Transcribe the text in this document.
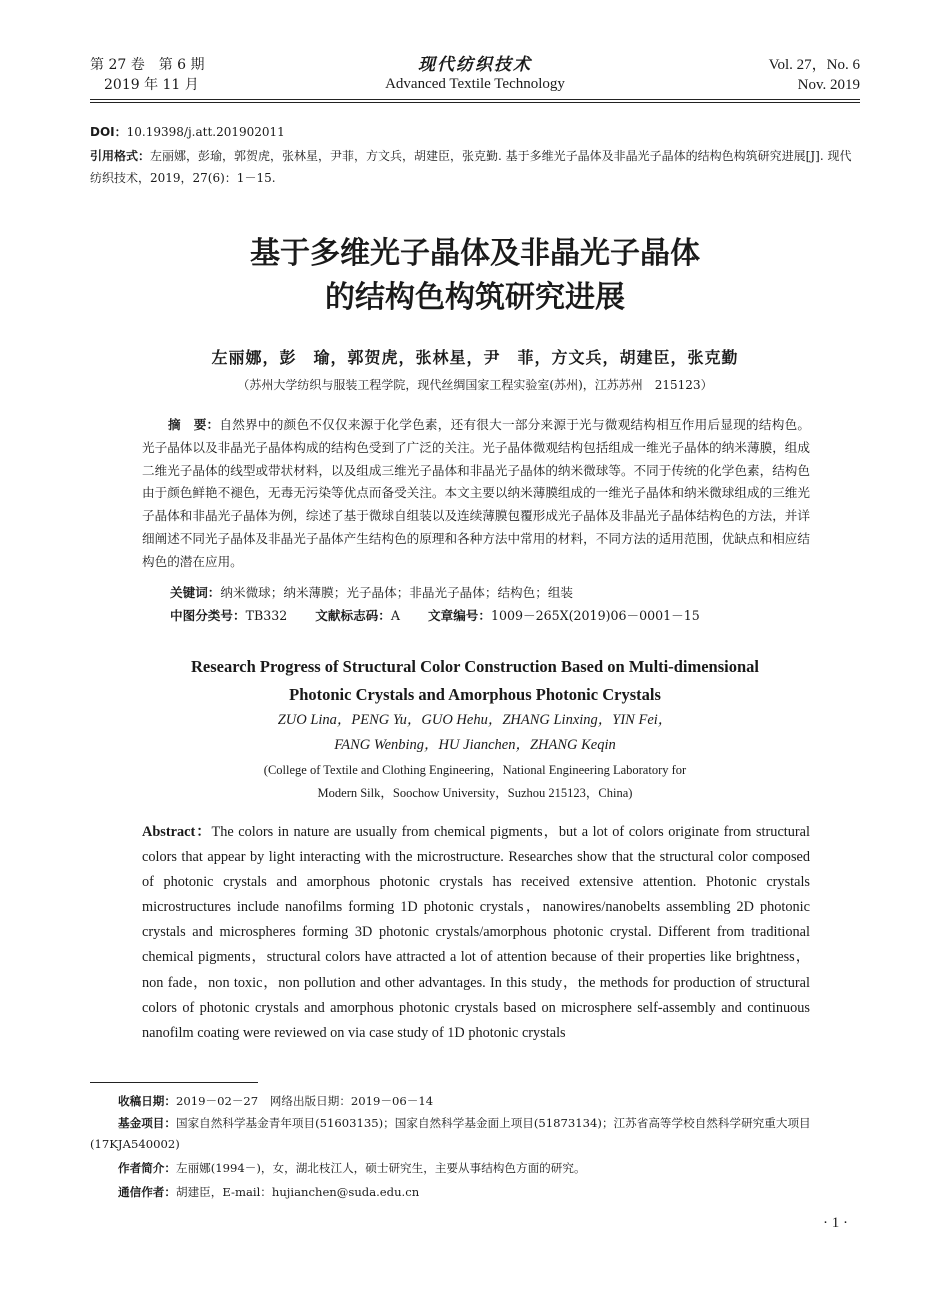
第 27 卷　第 6 期
2019 年 11 月
现代纺织技术
Advanced Textile Technology
Vol. 27，No. 6
Nov. 2019
DOI：10.19398/j.att.201902011
引用格式：左丽娜，彭瑜，郭贺虎，张林星，尹菲，方文兵，胡建臣，张克勤. 基于多维光子晶体及非晶光子晶体的结构色构筑研究进展[J]. 现代
纺织技术，2019，27(6)：1－15.
基于多维光子晶体及非晶光子晶体
的结构色构筑研究进展
左丽娜，彭　瑜，郭贺虎，张林星，尹　菲，方文兵，胡建臣，张克勤
（苏州大学纺织与服装工程学院，现代丝绸国家工程实验室(苏州)，江苏苏州　215123）
摘　要：自然界中的颜色不仅仅来源于化学色素，还有很大一部分来源于光与微观结构相互作用后显现的结构色。光子晶体以及非晶光子晶体构成的结构色受到了广泛的关注。光子晶体微观结构包括组成一维光子晶体的纳米薄膜，组成二维光子晶体的线型或带状材料，以及组成三维光子晶体和非晶光子晶体的纳米微球等。不同于传统的化学色素，结构色由于颜色鲜艳不褪色，无毒无污染等优点而备受关注。本文主要以纳米薄膜组成的一维光子晶体和纳米微球组成的三维光子晶体和非晶光子晶体为例，综述了基于微球自组装以及连续薄膜包覆形成光子晶体及非晶光子晶体结构色的方法，并详细阐述不同光子晶体及非晶光子晶体产生结构色的原理和各种方法中常用的材料，不同方法的适用范围，优缺点和相应结构色的潜在应用。
关键词：纳米微球；纳米薄膜；光子晶体；非晶光子晶体；结构色；组装
中图分类号：TB332 文献标志码：A 文章编号：1009－265X(2019)06－0001－15
Research Progress of Structural Color Construction Based on Multi-dimensional
Photonic Crystals and Amorphous Photonic Crystals
ZUO Lina，PENG Yu，GUO Hehu，ZHANG Linxing，YIN Fei，
FANG Wenbing，HU Jianchen，ZHANG Keqin
(College of Textile and Clothing Engineering，National Engineering Laboratory for
Modern Silk，Soochow University，Suzhou 215123，China)
Abstract：The colors in nature are usually from chemical pigments，but a lot of colors originate from structural colors that appear by light interacting with the microstructure. Researches show that the structural color composed of photonic crystals and amorphous photonic crystals has received extensive attention. Photonic crystals microstructures include nanofilms forming 1D photonic crystals，nanowires/nanobelts assembling 2D photonic crystals and microspheres forming 3D photonic crystals/amorphous photonic crystal. Different from traditional chemical pigments，structural colors have attracted a lot of attention because of their properties like brightness，non fade，non toxic，non pollution and other advantages. In this study，the methods for production of structural colors of photonic crystals and amorphous photonic crystals based on microsphere self-assembly and continuous nanofilm coating were reviewed on via case study of 1D photonic crystals
收稿日期：2019－02－27　网络出版日期：2019－06－14
基金项目：国家自然科学基金青年项目(51603135)；国家自然科学基金面上项目(51873134)；江苏省高等学校自然科学研究重大项目
(17KJA540002)
作者简介：左丽娜(1994－)，女，湖北枝江人，硕士研究生，主要从事结构色方面的研究。
通信作者：胡建臣，E-mail：hujianchen@suda.edu.cn
· 1 ·
